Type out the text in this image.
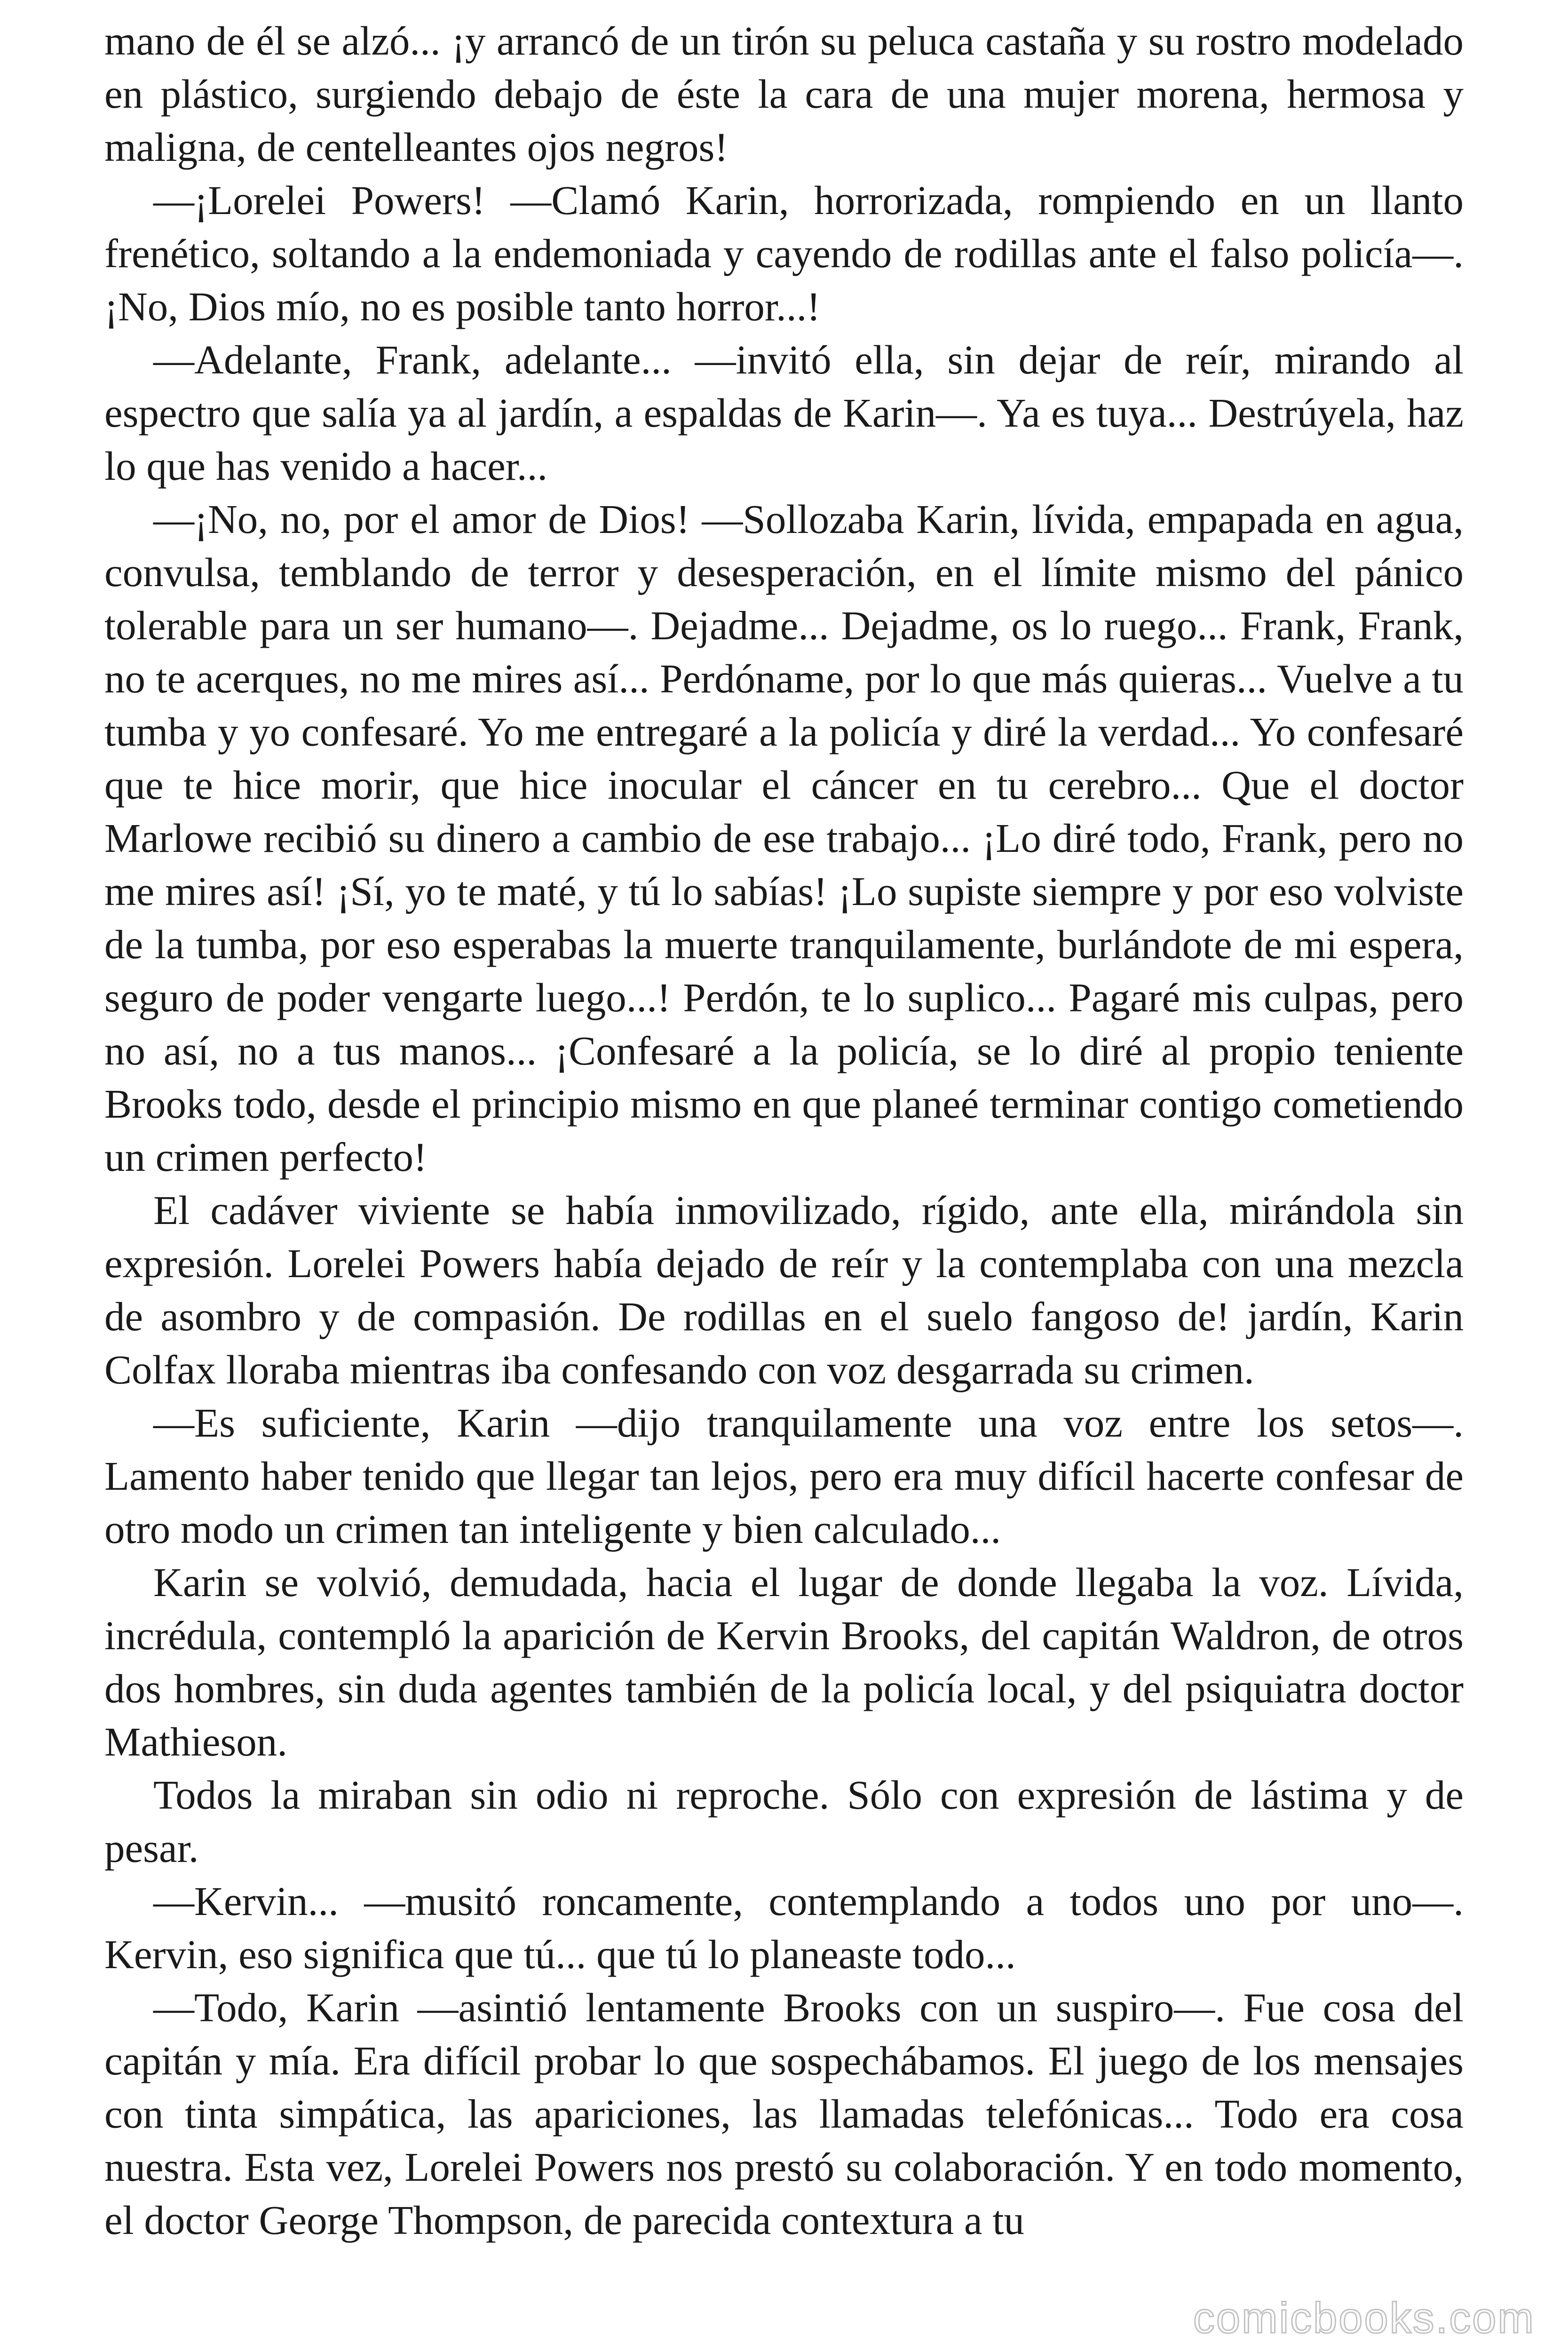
mano de él se alzó... ¡y arrancó de un tirón su peluca castaña y su rostro modelado en plástico, surgiendo debajo de éste la cara de una mujer morena, hermosa y maligna, de centelleantes ojos negros!

—¡Lorelei Powers! —Clamó Karin, horrorizada, rompiendo en un llanto frenético, soltando a la endemoniada y cayendo de rodillas ante el falso policía—. ¡No, Dios mío, no es posible tanto horror...!

—Adelante, Frank, adelante... —invitó ella, sin dejar de reír, mirando al espectro que salía ya al jardín, a espaldas de Karin—. Ya es tuya... Destrúyela, haz lo que has venido a hacer...

—¡No, no, por el amor de Dios! —Sollozaba Karin, lívida, empapada en agua, convulsa, temblando de terror y desesperación, en el límite mismo del pánico tolerable para un ser humano—. Dejadme... Dejadme, os lo ruego... Frank, Frank, no te acerques, no me mires así... Perdóname, por lo que más quieras... Vuelve a tu tumba y yo confesaré. Yo me entregaré a la policía y diré la verdad... Yo confesaré que te hice morir, que hice inocular el cáncer en tu cerebro... Que el doctor Marlowe recibió su dinero a cambio de ese trabajo... ¡Lo diré todo, Frank, pero no me mires así! ¡Sí, yo te maté, y tú lo sabías! ¡Lo supiste siempre y por eso volviste de la tumba, por eso esperabas la muerte tranquilamente, burlándote de mi espera, seguro de poder vengarte luego...! Perdón, te lo suplico... Pagaré mis culpas, pero no así, no a tus manos... ¡Confesaré a la policía, se lo diré al propio teniente Brooks todo, desde el principio mismo en que planeé terminar contigo cometiendo un crimen perfecto!

El cadáver viviente se había inmovilizado, rígido, ante ella, mirándola sin expresión. Lorelei Powers había dejado de reír y la contemplaba con una mezcla de asombro y de compasión. De rodillas en el suelo fangoso de! jardín, Karin Colfax lloraba mientras iba confesando con voz desgarrada su crimen.

—Es suficiente, Karin —dijo tranquilamente una voz entre los setos—. Lamento haber tenido que llegar tan lejos, pero era muy difícil hacerte confesar de otro modo un crimen tan inteligente y bien calculado...

Karin se volvió, demudada, hacia el lugar de donde llegaba la voz. Lívida, incrédula, contempló la aparición de Kervin Brooks, del capitán Waldron, de otros dos hombres, sin duda agentes también de la policía local, y del psiquiatra doctor Mathieson.

Todos la miraban sin odio ni reproche. Sólo con expresión de lástima y de pesar.

—Kervin... —musitó roncamente, contemplando a todos uno por uno—. Kervin, eso significa que tú... que tú lo planeaste todo...

—Todo, Karin —asintió lentamente Brooks con un suspiro—. Fue cosa del capitán y mía. Era difícil probar lo que sospechábamos. El juego de los mensajes con tinta simpática, las apariciones, las llamadas telefónicas... Todo era cosa nuestra. Esta vez, Lorelei Powers nos prestó su colaboración. Y en todo momento, el doctor George Thompson, de parecida contextura a tu

comicbooks.com
